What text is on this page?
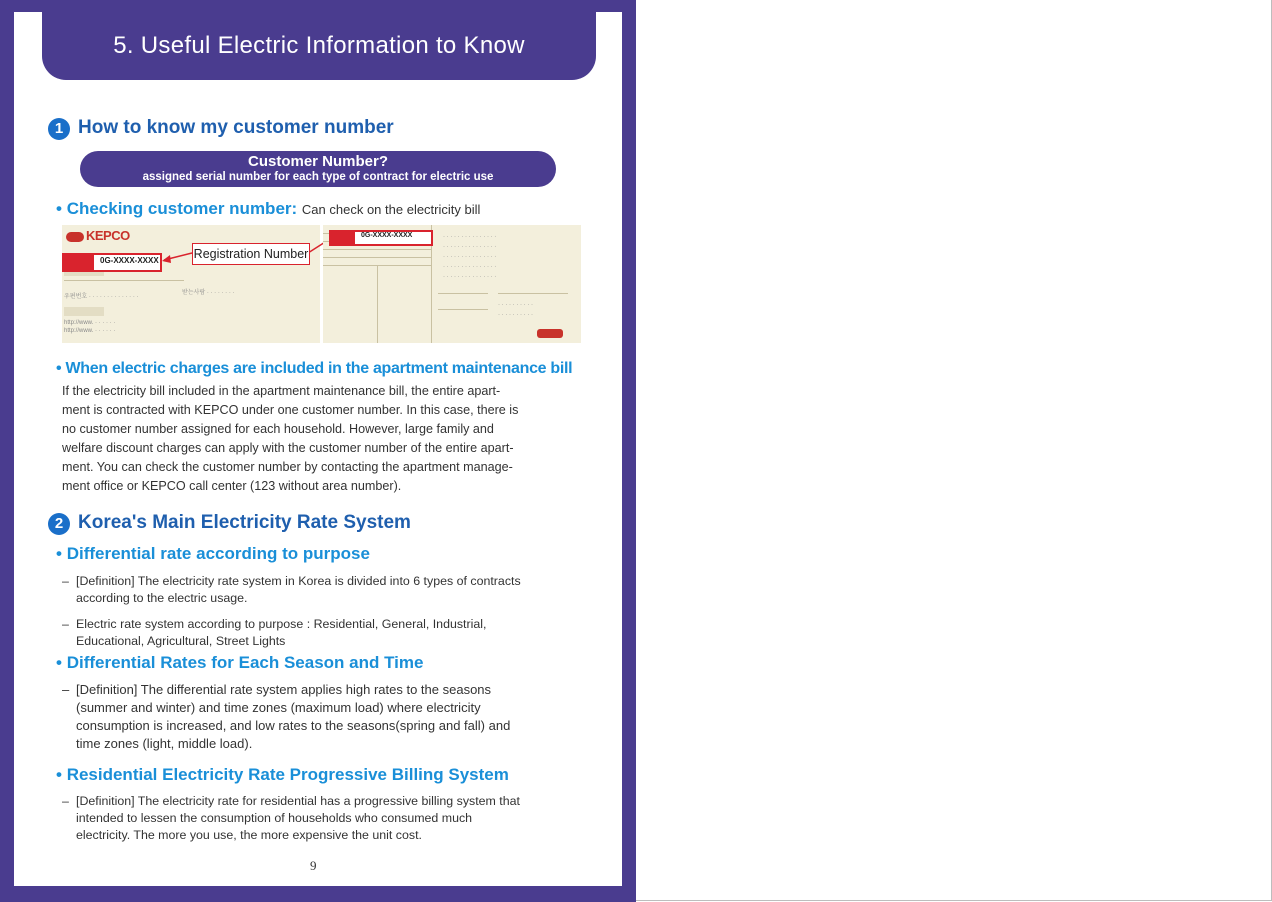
5. Useful Electric Information to Know
1 How to know my customer number
Customer Number?
assigned serial number for each type of contract for electric use
• Checking customer number: Can check on the electricity bill
KEPCO
우편번호 · · · · · · · · · · · · · ·
받는사람 · · · · · · · ·
http://www. · · · · · ·
http://www. · · · · · ·
0G-XXXX-XXXX	Registration Number
· · · · · · · · · · · · · · ·
· · · · · · · · · · · · · · ·
· · · · · · · · · · · · · · ·
· · · · · · · · · · · · · · ·
· · · · · · · · · · · · · · ·
· · · · · · · · · ·
· · · · · · · · · ·
0G-XXXX-XXXX
• When electric charges are included in the apartment maintenance bill
If the electricity bill included in the apartment maintenance bill, the entire apart-
ment is contracted with KEPCO under one customer number. In this case, there is
no customer number assigned for each household. However, large family and
welfare discount charges can apply with the customer number of the entire apart-
ment. You can check the customer number by contacting the apartment manage-
ment office or KEPCO call center (123 without area number).
2 Korea's Main Electricity Rate System
• Differential rate according to purpose
– [Definition] The electricity rate system in Korea is divided into 6 types of contracts
according to the electric usage.
– Electric rate system according to purpose : Residential, General, Industrial,
Educational, Agricultural, Street Lights
• Differential Rates for Each Season and Time
– [Definition] The differential rate system applies high rates to the seasons
(summer and winter) and time zones (maximum load) where electricity
consumption is increased, and low rates to the seasons(spring and fall) and
time zones (light, middle load).
• Residential Electricity Rate Progressive Billing System
– [Definition] The electricity rate for residential has a progressive billing system that
intended to lessen the consumption of households who consumed much
electricity. The more you use, the more expensive the unit cost.
9
